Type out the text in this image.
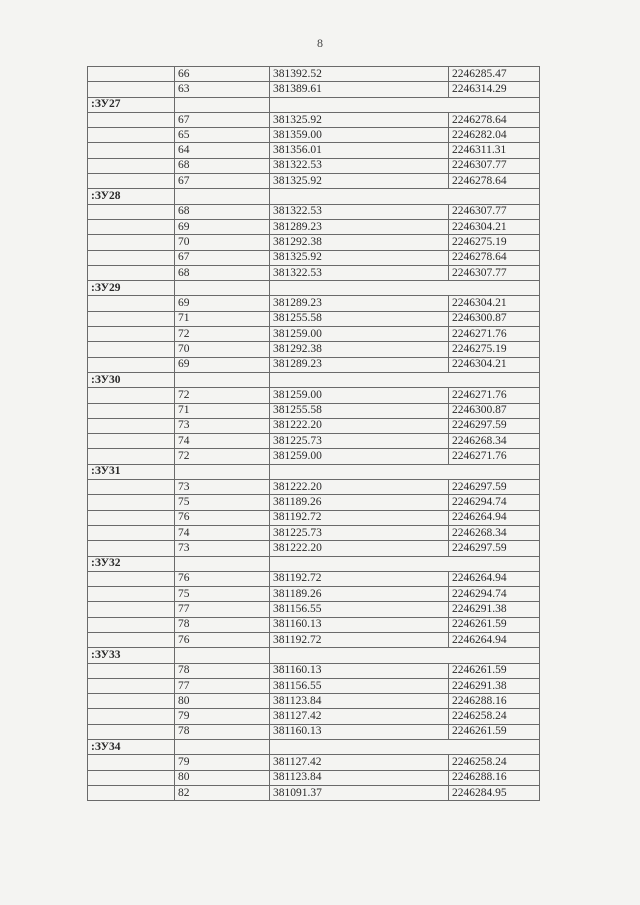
8
	66	381392.52	2246285.47
	63	381389.61	2246314.29
:ЗУ27			
	67	381325.92	2246278.64
	65	381359.00	2246282.04
	64	381356.01	2246311.31
	68	381322.53	2246307.77
	67	381325.92	2246278.64
:ЗУ28			
	68	381322.53	2246307.77
	69	381289.23	2246304.21
	70	381292.38	2246275.19
	67	381325.92	2246278.64
	68	381322.53	2246307.77
:ЗУ29			
	69	381289.23	2246304.21
	71	381255.58	2246300.87
	72	381259.00	2246271.76
	70	381292.38	2246275.19
	69	381289.23	2246304.21
:ЗУ30			
	72	381259.00	2246271.76
	71	381255.58	2246300.87
	73	381222.20	2246297.59
	74	381225.73	2246268.34
	72	381259.00	2246271.76
:ЗУ31			
	73	381222.20	2246297.59
	75	381189.26	2246294.74
	76	381192.72	2246264.94
	74	381225.73	2246268.34
	73	381222.20	2246297.59
:ЗУ32			
	76	381192.72	2246264.94
	75	381189.26	2246294.74
	77	381156.55	2246291.38
	78	381160.13	2246261.59
	76	381192.72	2246264.94
:ЗУ33			
	78	381160.13	2246261.59
	77	381156.55	2246291.38
	80	381123.84	2246288.16
	79	381127.42	2246258.24
	78	381160.13	2246261.59
:ЗУ34			
	79	381127.42	2246258.24
	80	381123.84	2246288.16
	82	381091.37	2246284.95
